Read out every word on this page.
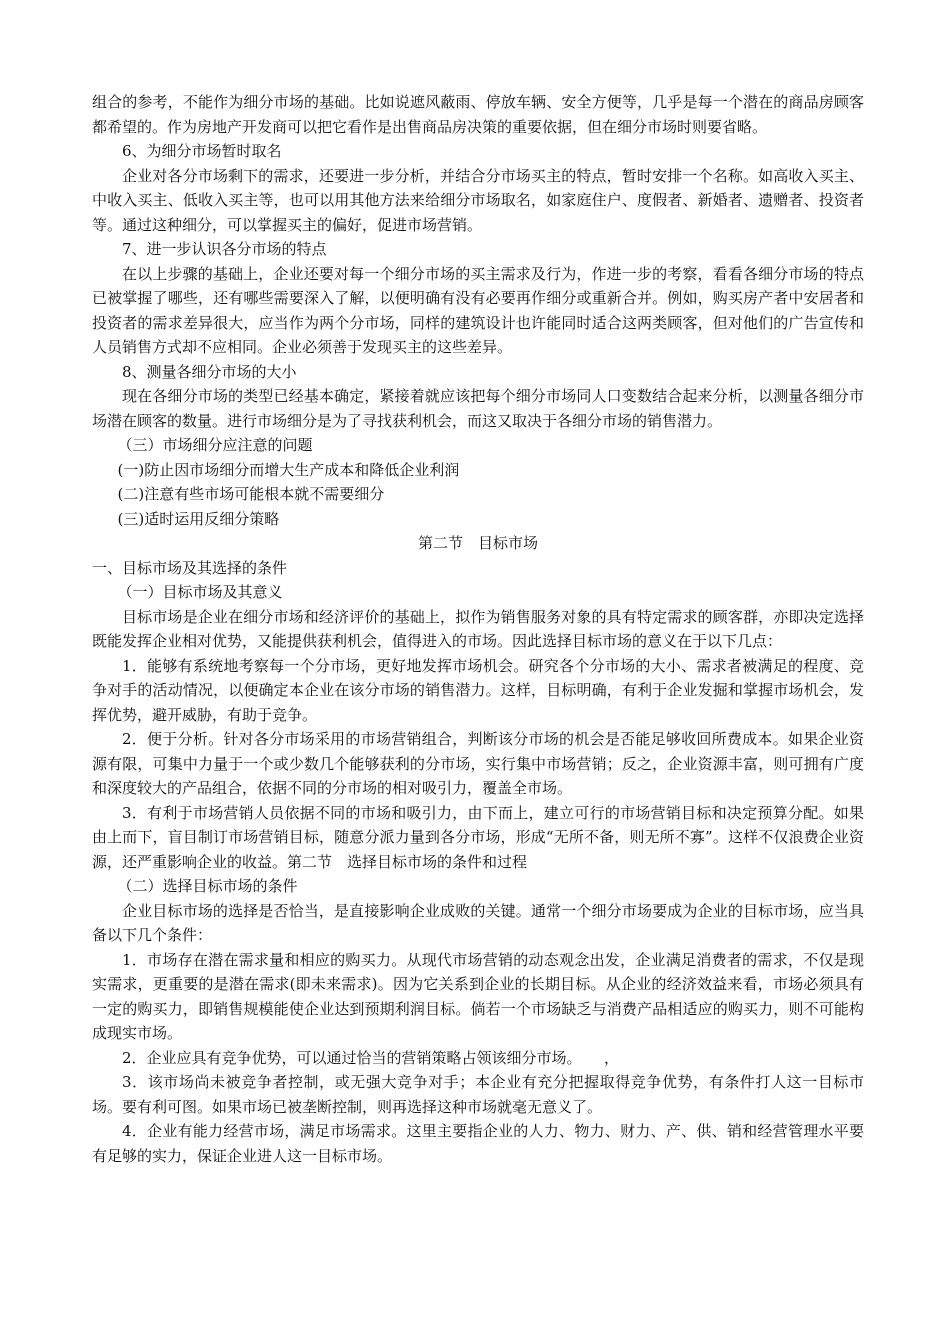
组合的参考，不能作为细分市场的基础。比如说遮风蔽雨、停放车辆、安全方便等，几乎是每一个潜在的商品房顾客都希望的。作为房地产开发商可以把它看作是出售商品房决策的重要依据，但在细分市场时则要省略。

6、为细分市场暂时取名

企业对各分市场剩下的需求，还要进一步分析，并结合分市场买主的特点，暂时安排一个名称。如高收入买主、中收入买主、低收入买主等，也可以用其他方法来给细分市场取名，如家庭住户、度假者、新婚者、遗赠者、投资者等。通过这种细分，可以掌握买主的偏好，促进市场营销。

7、进一步认识各分市场的特点

在以上步骤的基础上，企业还要对每一个细分市场的买主需求及行为，作进一步的考察，看看各细分市场的特点已被掌握了哪些，还有哪些需要深入了解，以便明确有没有必要再作细分或重新合并。例如，购买房产者中安居者和投资者的需求差异很大，应当作为两个分市场，同样的建筑设计也许能同时适合这两类顾客，但对他们的广告宣传和人员销售方式却不应相同。企业必须善于发现买主的这些差异。

8、测量各细分市场的大小

现在各细分市场的类型已经基本确定，紧接着就应该把每个细分市场同人口变数结合起来分析，以测量各细分市场潜在顾客的数量。进行市场细分是为了寻找获利机会，而这又取决于各细分市场的销售潜力。

（三）市场细分应注意的问题

(一)防止因市场细分而增大生产成本和降低企业利润

(二)注意有些市场可能根本就不需要细分

(三)适时运用反细分策略

第二节　目标市场

一、目标市场及其选择的条件

（一）目标市场及其意义

目标市场是企业在细分市场和经济评价的基础上，拟作为销售服务对象的具有特定需求的顾客群，亦即决定选择既能发挥企业相对优势，又能提供获利机会，值得进入的市场。因此选择目标市场的意义在于以下几点：

1．能够有系统地考察每一个分市场，更好地发挥市场机会。研究各个分市场的大小、需求者被满足的程度、竞争对手的活动情况，以便确定本企业在该分市场的销售潜力。这样，目标明确，有利于企业发掘和掌握市场机会，发挥优势，避开威胁，有助于竞争。

2．便于分析。针对各分市场采用的市场营销组合，判断该分市场的机会是否能足够收回所费成本。如果企业资源有限，可集中力量于一个或少数几个能够获利的分市场，实行集中市场营销；反之，企业资源丰富，则可拥有广度和深度较大的产品组合，依据不同的分市场的相对吸引力，覆盖全市场。

3．有利于市场营销人员依据不同的市场和吸引力，由下而上，建立可行的市场营销目标和决定预算分配。如果由上而下，盲目制订市场营销目标，随意分派力量到各分市场，形成“无所不备，则无所不寡”。这样不仅浪费企业资源，还严重影响企业的收益。第二节　选择目标市场的条件和过程

（二）选择目标市场的条件

企业目标市场的选择是否恰当，是直接影响企业成败的关键。通常一个细分市场要成为企业的目标市场，应当具备以下几个条件：

1．市场存在潜在需求量和相应的购买力。从现代市场营销的动态观念出发，企业满足消费者的需求，不仅是现实需求，更重要的是潜在需求(即未来需求)。因为它关系到企业的长期目标。从企业的经济效益来看，市场必须具有一定的购买力，即销售规模能使企业达到预期利润目标。倘若一个市场缺乏与消费产品相适应的购买力，则不可能构成现实市场。

2．企业应具有竞争优势，可以通过恰当的营销策略占领该细分市场。　　，

3．该市场尚未被竞争者控制，或无强大竞争对手；本企业有充分把握取得竞争优势，有条件打人这一目标市场。要有利可图。如果市场已被垄断控制，则再选择这种市场就毫无意义了。

4．企业有能力经营市场，满足市场需求。这里主要指企业的人力、物力、财力、产、供、销和经营管理水平要有足够的实力，保证企业进人这一目标市场。
